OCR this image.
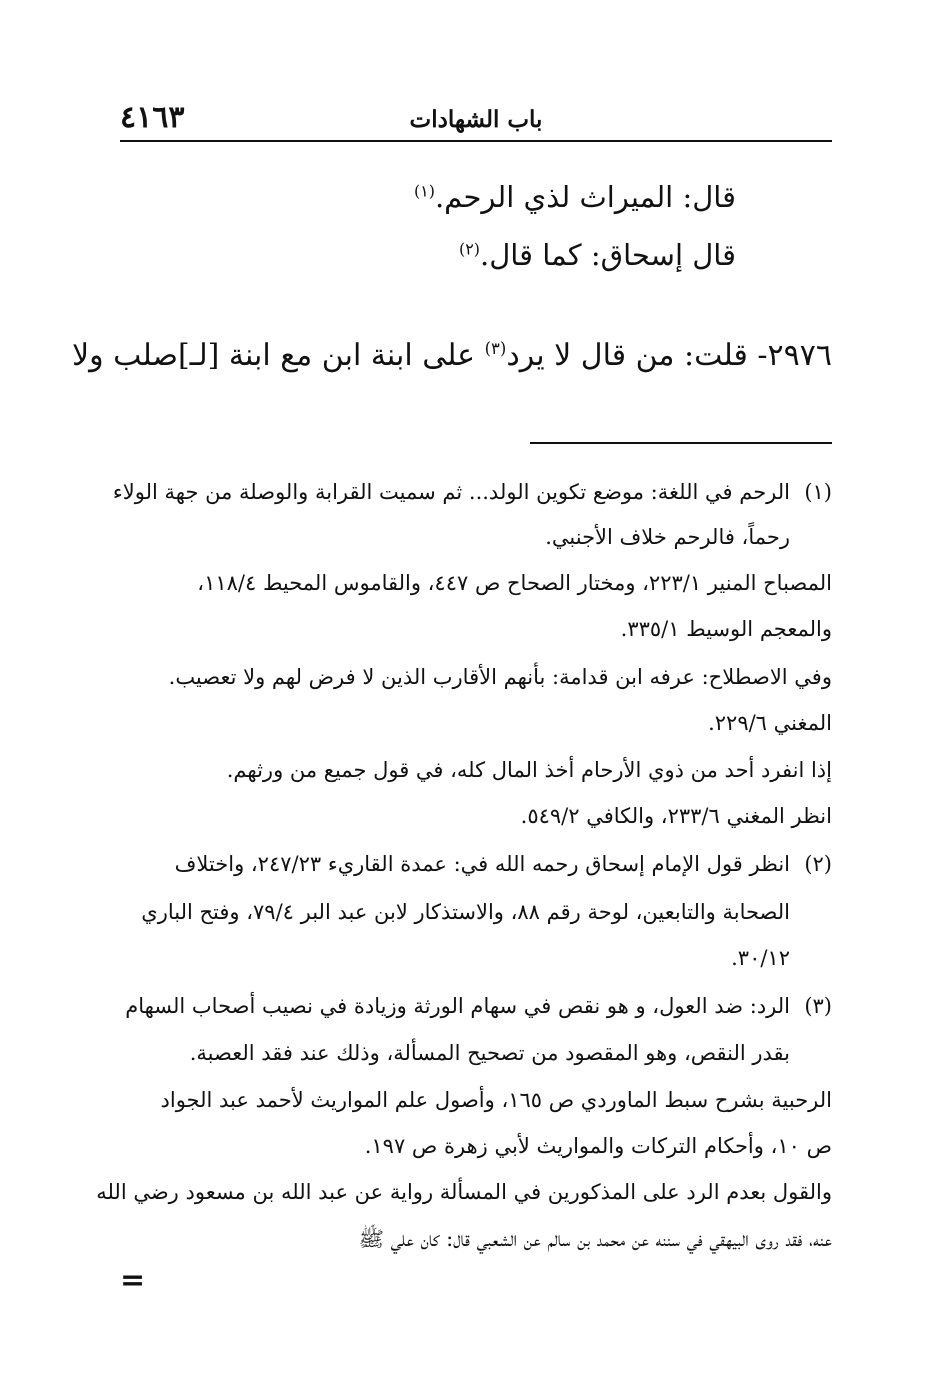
٤١٦٣	باب الشهادات
قال: الميراث لذي الرحم.$^{(١)}$
قال إسحاق: كما قال.$^{(٢)}$
٢٩٧٦- قلت: من قال لا يرد$^{(٣)}$ على ابنة ابن مع ابنة [لـ]صلب ولا
(١)
الرحم في اللغة: موضع تكوين الولد... ثم سميت القرابة والوصلة من جهة الولاء
رحماً، فالرحم خلاف الأجنبي.
المصباح المنير ٢٢٣/١، ومختار الصحاح ص ٤٤٧، والقاموس المحيط ١١٨/٤،
والمعجم الوسيط ٣٣٥/١.
وفي الاصطلاح: عرفه ابن قدامة: بأنهم الأقارب الذين لا فرض لهم ولا تعصيب.
المغني ٢٢٩/٦.
إذا انفرد أحد من ذوي الأرحام أخذ المال كله، في قول جميع من ورثهم.
انظر المغني ٢٣٣/٦، والكافي ٥٤٩/٢.
(٢)
انظر قول الإمام إسحاق رحمه الله في: عمدة القاريء ٢٤٧/٢٣، واختلاف
الصحابة والتابعين، لوحة رقم ٨٨، والاستذكار لابن عبد البر ٧٩/٤، وفتح الباري
٣٠/١٢.
(٣)
الرد: ضد العول، و هو نقص في سهام الورثة وزيادة في نصيب أصحاب السهام
بقدر النقص، وهو المقصود من تصحيح المسألة، وذلك عند فقد العصبة.
الرحبية بشرح سبط الماوردي ص ١٦٥، وأصول علم المواريث لأحمد عبد الجواد
ص ١٠، وأحكام التركات والمواريث لأبي زهرة ص ١٩٧.
والقول بعدم الرد على المذكورين في المسألة رواية عن عبد الله بن مسعود رضي الله
عنه، فقد روى البيهقي في سننه عن محمد بن سالم عن الشعبي قال: كان علي ﷺ
=
